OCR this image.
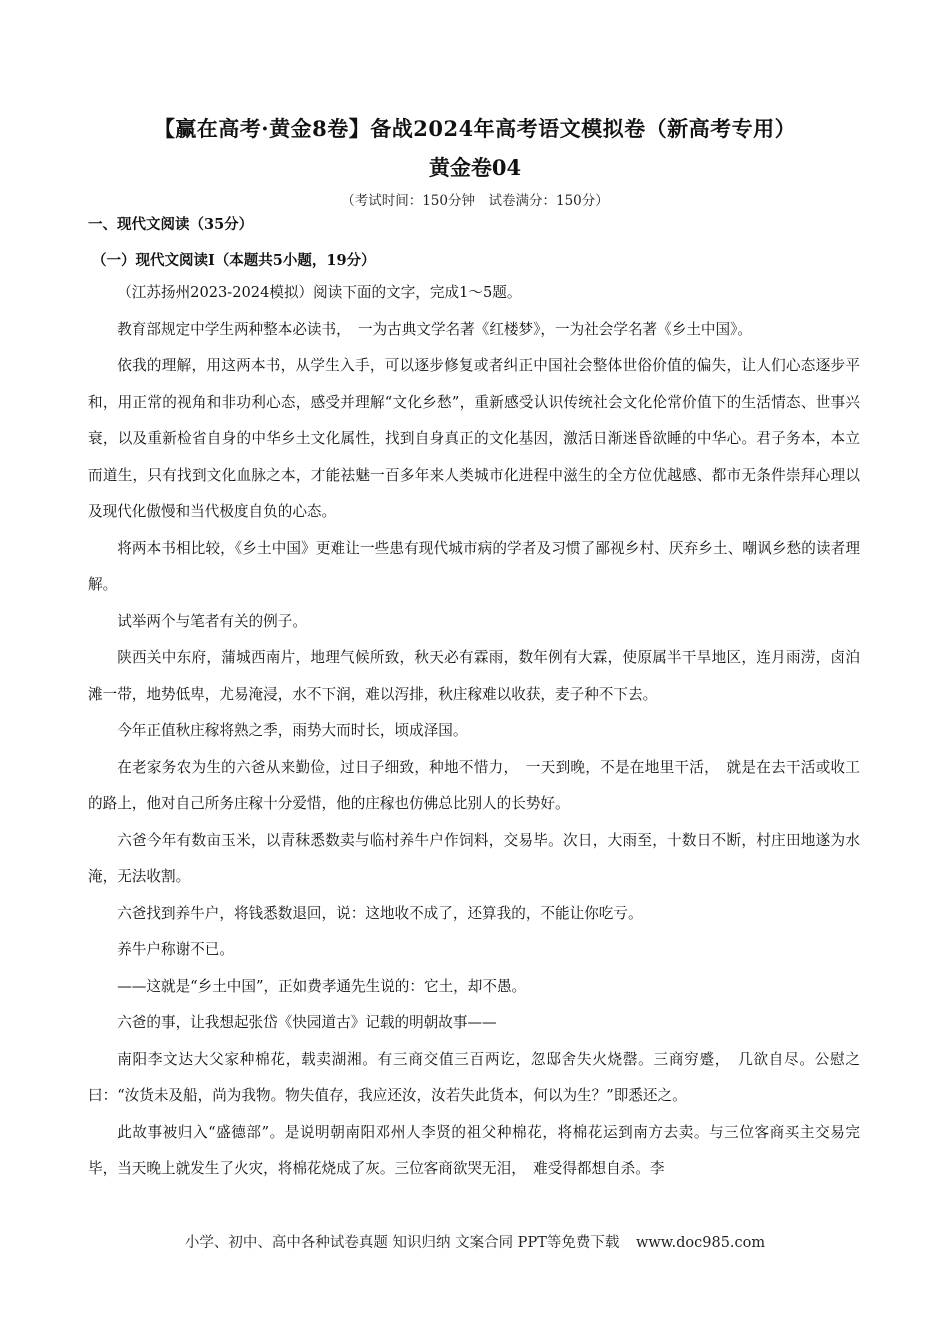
【赢在高考·黄金8卷】备战2024年高考语文模拟卷（新高考专用）
黄金卷04
（考试时间：150分钟　试卷满分：150分）
一、现代文阅读（35分）
（一）现代文阅读Ⅰ（本题共5小题，19分）

（江苏扬州2023-2024模拟）阅读下面的文字，完成1～5题。

教育部规定中学生两种整本必读书，　一为古典文学名著《红楼梦》，一为社会学名著《乡土中国》。

依我的理解，用这两本书，从学生入手，可以逐步修复或者纠正中国社会整体世俗价值的偏失，让人们心态逐步平和，用正常的视角和非功利心态，感受并理解“文化乡愁”，重新感受认识传统社会文化伦常价值下的生活情态、世事兴衰，以及重新检省自身的中华乡土文化属性，找到自身真正的文化基因，激活日渐迷昏欲睡的中华心。君子务本，本立而道生，只有找到文化血脉之本，才能祛魅一百多年来人类城市化进程中滋生的全方位优越感、都市无条件崇拜心理以及现代化傲慢和当代极度自负的心态。

将两本书相比较，《乡土中国》更难让一些患有现代城市病的学者及习惯了鄙视乡村、厌弃乡土、嘲讽乡愁的读者理解。

试举两个与笔者有关的例子。

陕西关中东府，蒲城西南片，地理气候所致，秋天必有霖雨，数年例有大霖，使原属半干旱地区，连月雨涝，卤泊滩一带，地势低卑，尤易淹浸，水不下润，难以泻排，秋庄稼难以收获，麦子种不下去。

今年正值秋庄稼将熟之季，雨势大而时长，顷成泽国。

在老家务农为生的六爸从来勤俭，过日子细致，种地不惜力，　一天到晚，不是在地里干活，　就是在去干活或收工的路上，他对自己所务庄稼十分爱惜，他的庄稼也仿佛总比别人的长势好。

六爸今年有数亩玉米，以青秣悉数卖与临村养牛户作饲料，交易毕。次日，大雨至，十数日不断，村庄田地遂为水淹，无法收割。

六爸找到养牛户，将钱悉数退回，说：这地收不成了，还算我的，不能让你吃亏。

养牛户称谢不已。

——这就是“乡土中国”，正如费孝通先生说的：它土，却不愚。

六爸的事，让我想起张岱《快园道古》记载的明朝故事——

南阳李文达大父家种棉花，载卖湖湘。有三商交值三百两讫，忽邸舍失火烧罄。三商穷蹙，　几欲自尽。公慰之曰：“汝货未及船，尚为我物。物失值存，我应还汝，汝若失此货本，何以为生？”即悉还之。

此故事被归入“盛德部”。是说明朝南阳邓州人李贤的祖父种棉花，将棉花运到南方去卖。与三位客商买主交易完毕，当天晚上就发生了火灾，将棉花烧成了灰。三位客商欲哭无泪，　难受得都想自杀。李

小学、初中、高中各种试卷真题 知识归纳 文案合同 PPT等免费下载 www.doc985.com
